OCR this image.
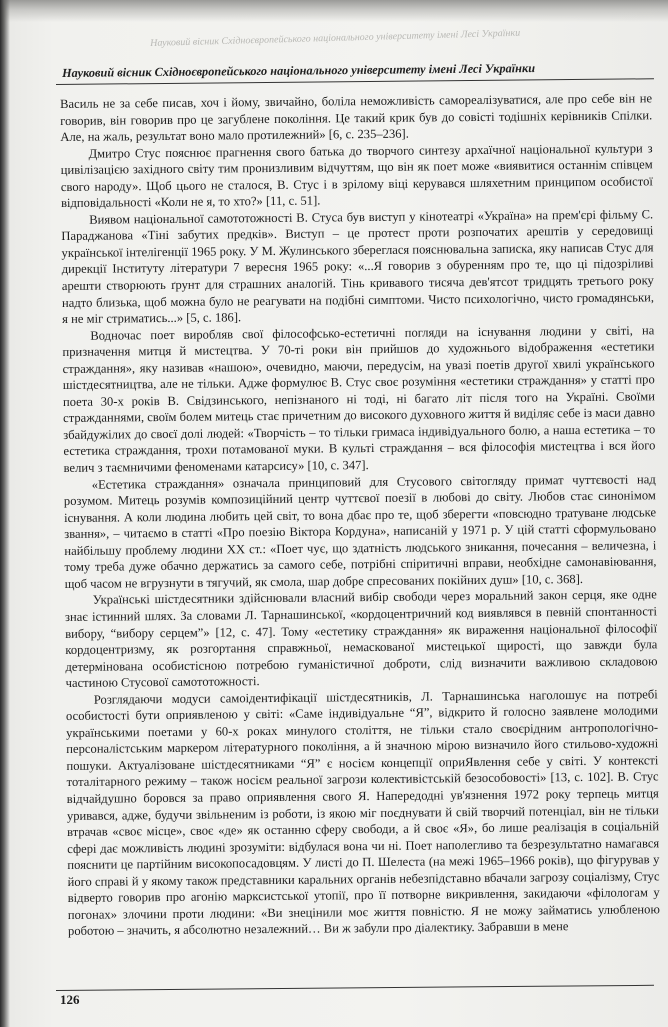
Науковий вісник Східноєвропейського національного університету імені Лесі Українки
Науковий вісник Східноєвропейського національного університету імені Лесі Українки

Василь не за себе писав, хоч і йому, звичайно, боліла неможливість самореалізуватися, але про себе він не говорив, він говорив про це загублене покоління. Це такий крик був до совісті тодішніх керівників Спілки. Але, на жаль, результат воно мало протилежний» [6, с. 235–236].

Дмитро Стус пояснює прагнення свого батька до творчого синтезу архаїчної національної культури з цивілізацією західного світу тим пронизливим відчуттям, що він як поет може «виявитися останнім співцем свого народу». Щоб цього не сталося, В. Стус і в зрілому віці керувався шляхетним принципом особистої відповідальності «Коли не я, то хто?» [11, с. 51].

Виявом національної самототожності В. Стуса був виступ у кінотеатрі «Україна» на прем'єрі фільму С. Параджанова «Тіні забутих предків». Виступ – це протест проти розпочатих арештів у середовищі української інтелігенції 1965 року. У М. Жулинського збереглася пояснювальна записка, яку написав Стус для дирекції Інституту літератури 7 вересня 1965 року: «...Я говорив з обуренням про те, що ці підозріливі арешти створюють ґрунт для страшних аналогій. Тінь кривавого тисяча дев'ятсот тридцять третього року надто близька, щоб можна було не реагувати на подібні симптоми. Чисто психологічно, чисто громадянськи, я не міг стриматись...» [5, с. 186].

Водночас поет виробляв свої філософсько-естетичні погляди на існування людини у світі, на призначення митця й мистецтва. У 70-ті роки він прийшов до художнього відображення «естетики страждання», яку називав «нашою», очевидно, маючи, передусім, на увазі поетів другої хвилі українського шістдесятництва, але не тільки. Адже формулює В. Стус своє розуміння «естетики страждання» у статті про поета 30-х років В. Свідзинського, непізнаного ні тоді, ні багато літ після того на Україні. Своїми стражданнями, своїм болем митець стає причетним до високого духовного життя й виділяє себе із маси давно збайдужілих до своєї долі людей: «Творчість – то тільки гримаса індивідуального болю, а наша естетика – то естетика страждання, трохи потамованої муки. В культі страждання – вся філософія мистецтва і вся його велич з таємничими феноменами катарсису» [10, с. 347].

«Естетика страждання» означала принциповий для Стусового світогляду примат чуттєвості над розумом. Митець розумів композиційний центр чуттєвої поезії в любові до світу. Любов стає синонімом існування. А коли людина любить цей світ, то вона дбає про те, щоб зберегти «повсюдно тратуване людське звання», – читаємо в статті «Про поезію Віктора Кордуна», написаній у 1971 р. У цій статті сформульовано найбільшу проблему людини XX ст.: «Поет чує, що здатність людського зникання, почесання – величезна, і тому треба дуже обачно держатись за самого себе, потрібні спіритичні вправи, необхідне самонавіювання, щоб часом не вгрузнути в тягучий, як смола, шар добре спресованих покійних душ» [10, с. 368].

Українські шістдесятники здійснювали власний вибір свободи через моральний закон серця, яке одне знає істинний шлях. За словами Л. Тарнашинської, «кордоцентричний код виявлявся в певній спонтанності вибору, “вибору серцем”» [12, с. 47]. Тому «естетику страждання» як вираження національної філософії кордоцентризму, як розгортання справжньої, немаскованої мистецької щирості, що завжди була детермінована особистісною потребою гуманістичної доброти, слід визначити важливою складовою частиною Стусової самототожності.

Розглядаючи модуси самоідентифікації шістдесятників, Л. Тарнашинська наголошує на потребі особистості бути оприявленою у світі: «Саме індивідуальне “Я”, відкрито й голосно заявлене молодими українськими поетами у 60-х роках минулого століття, не тільки стало своєрідним антропологічно-персоналістським маркером літературного покоління, а й значною мірою визначило його стильово-художні пошуки. Актуалізоване шістдесятниками “Я” є носієм концепції оприЯвлення себе у світі. У контексті тоталітарного режиму – також носієм реальної загрози колективістській безособовості» [13, с. 102]. В. Стус відчайдушно боровся за право оприявлення свого Я. Напередодні ув'язнення 1972 року терпець митця уривався, адже, будучи звільненим із роботи, із якою міг поєднувати й свій творчий потенціал, він не тільки втрачав «своє місце», своє «де» як останню сферу свободи, а й своє «Я», бо лише реалізація в соціальній сфері дає можливість людині зрозуміти: відбулася вона чи ні. Поет наполегливо та безрезультатно намагався пояснити це партійним високопосадовцям. У листі до П. Шелеста (на межі 1965–1966 років), що фігурував у його справі й у якому також представники каральних органів небезпідставно вбачали загрозу соціалізму, Стус відверто говорив про агонію марксистської утопії, про її потворне викривлення, закидаючи «філологам у погонах» злочини проти людини: «Ви знецінили моє життя повністю. Я не можу займатись улюбленою роботою – значить, я абсолютно незалежний… Ви ж забули про діалектику. Забравши в мене

126
